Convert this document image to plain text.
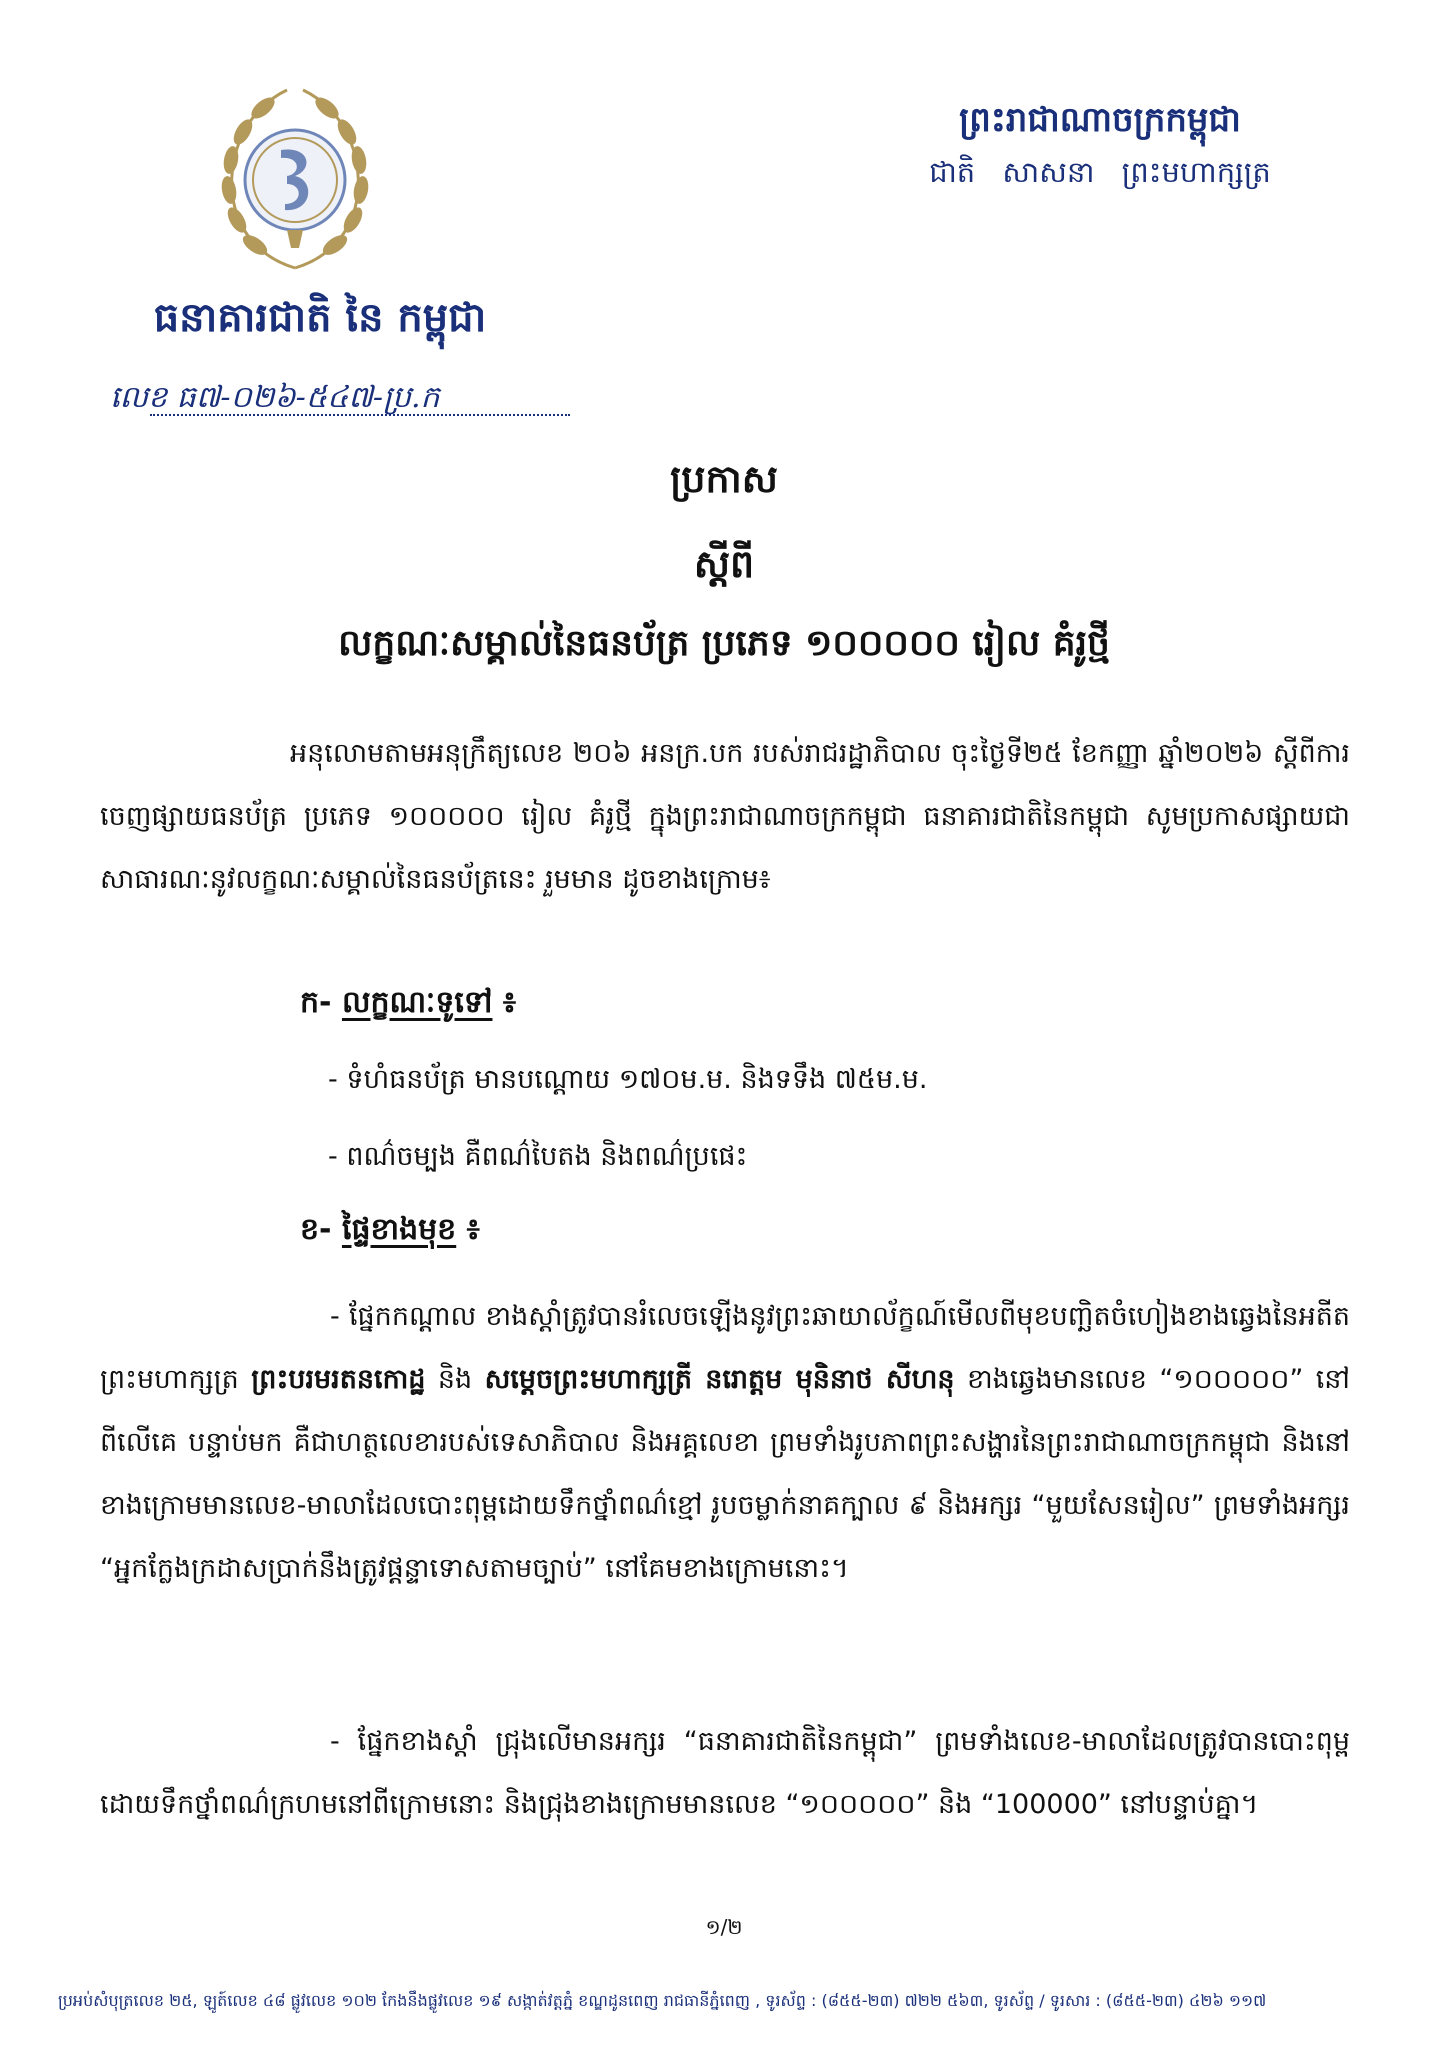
ធនាគារជាតិ នៃ កម្ពុជា
លេខ ធ៧-០២៦-៥៤៧-ប្រ.ក
ព្រះរាជាណាចក្រកម្ពុជា
ជាតិ សាសនា ព្រះមហាក្សត្រ
ប្រកាស
ស្តីពី
លក្ខណៈសម្គាល់នៃធនប័ត្រ ប្រភេទ ១០០០០០ រៀល គំរូថ្មី
អនុលោមតាមអនុក្រឹត្យលេខ ២០៦ អនក្រ.បក របស់រាជរដ្ឋាភិបាល ចុះថ្ងៃទី២៥ ខែកញ្ញា ឆ្នាំ២០២៦ ស្តីពីការចេញផ្សាយធនប័ត្រ ប្រភេទ ១០០០០០ រៀល គំរូថ្មី ក្នុងព្រះរាជាណាចក្រកម្ពុជា ធនាគារជាតិនៃកម្ពុជា សូមប្រកាសផ្សាយជាសាធារណៈនូវលក្ខណៈសម្គាល់នៃធនប័ត្រនេះ រួមមាន ដូចខាងក្រោម៖
ក- លក្ខណៈទូទៅ ៖
- ទំហំធនប័ត្រ មានបណ្តោយ ១៧០ម.ម. និងទទឹង ៧៥ម.ម.
- ពណ៌ចម្បង គឺពណ៌បៃតង និងពណ៌ប្រផេះ
ខ- ផ្ទៃខាងមុខ ៖
- ផ្នែកកណ្តាល ខាងស្តាំត្រូវបានរំលេចឡើងនូវព្រះឆាយាល័ក្ខណ៍មើលពីមុខបញ្ឆិតចំហៀងខាងឆ្វេងនៃអតីតព្រះមហាក្សត្រ ព្រះបរមរតនកោដ្ឋ និង សម្តេចព្រះមហាក្សត្រី នរោត្តម មុនិនាថ សីហនុ ខាងឆ្វេងមានលេខ “១០០០០០” នៅពីលើគេ បន្ទាប់មក គឺជាហត្ថលេខារបស់ទេសាភិបាល និងអគ្គលេខា ព្រមទាំងរូបភាពព្រះសង្ហារនៃព្រះរាជាណាចក្រកម្ពុជា និងនៅខាងក្រោមមានលេខ-មាលាដែលបោះពុម្ពដោយទឹកថ្នាំពណ៌ខ្មៅ រូបចម្លាក់នាគក្បាល ៩ និងអក្សរ “មួយសែនរៀល” ព្រមទាំងអក្សរ “អ្នកក្លែងក្រដាសប្រាក់នឹងត្រូវផ្តន្ទាទោសតាមច្បាប់” នៅគែមខាងក្រោមនោះ។
- ផ្នែកខាងស្តាំ ជ្រុងលើមានអក្សរ “ធនាគារជាតិនៃកម្ពុជា” ព្រមទាំងលេខ-មាលាដែលត្រូវបានបោះពុម្ពដោយទឹកថ្នាំពណ៌ក្រហមនៅពីក្រោមនោះ និងជ្រុងខាងក្រោមមានលេខ “១០០០០០” និង “100000” នៅបន្ទាប់គ្នា។
១/២
ប្រអប់សំបុត្រលេខ ២៥, ឡូត៍លេខ ៤៨ ផ្លូវលេខ ១០២ កែងនឹងផ្លូវលេខ ១៩ សង្កាត់វត្តភ្នំ ខណ្ឌដូនពេញ រាជធានីភ្នំពេញ , ទូរស័ព្ទ : (៨៥៥-២៣) ៧២២ ៥៦៣, ទូរស័ព្ទ / ទូរសារ : (៨៥៥-២៣) ៤២៦ ១១៧
